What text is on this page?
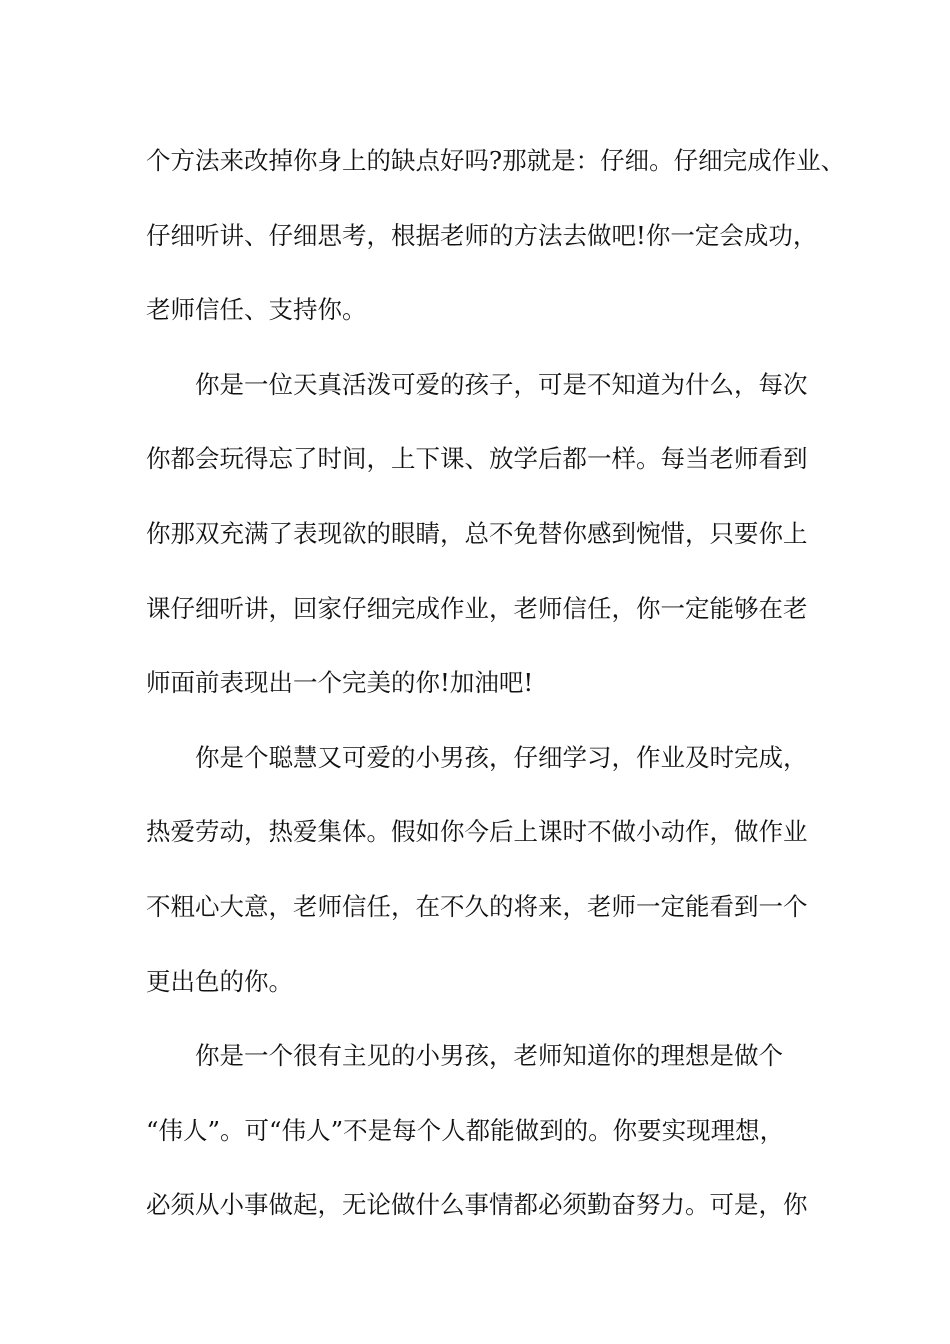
个方法来改掉你身上的缺点好吗?那就是：仔细。仔细完成作业、
仔细听讲、仔细思考，根据老师的方法去做吧!你一定会成功，
老师信任、支持你。
你是一位天真活泼可爱的孩子，可是不知道为什么，每次
你都会玩得忘了时间，上下课、放学后都一样。每当老师看到
你那双充满了表现欲的眼睛，总不免替你感到惋惜，只要你上
课仔细听讲，回家仔细完成作业，老师信任，你一定能够在老
师面前表现出一个完美的你!加油吧!
你是个聪慧又可爱的小男孩，仔细学习，作业及时完成，
热爱劳动，热爱集体。假如你今后上课时不做小动作，做作业
不粗心大意，老师信任，在不久的将来，老师一定能看到一个
更出色的你。
你是一个很有主见的小男孩，老师知道你的理想是做个
“伟人”。可“伟人”不是每个人都能做到的。你要实现理想，
必须从小事做起，无论做什么事情都必须勤奋努力。可是，你
